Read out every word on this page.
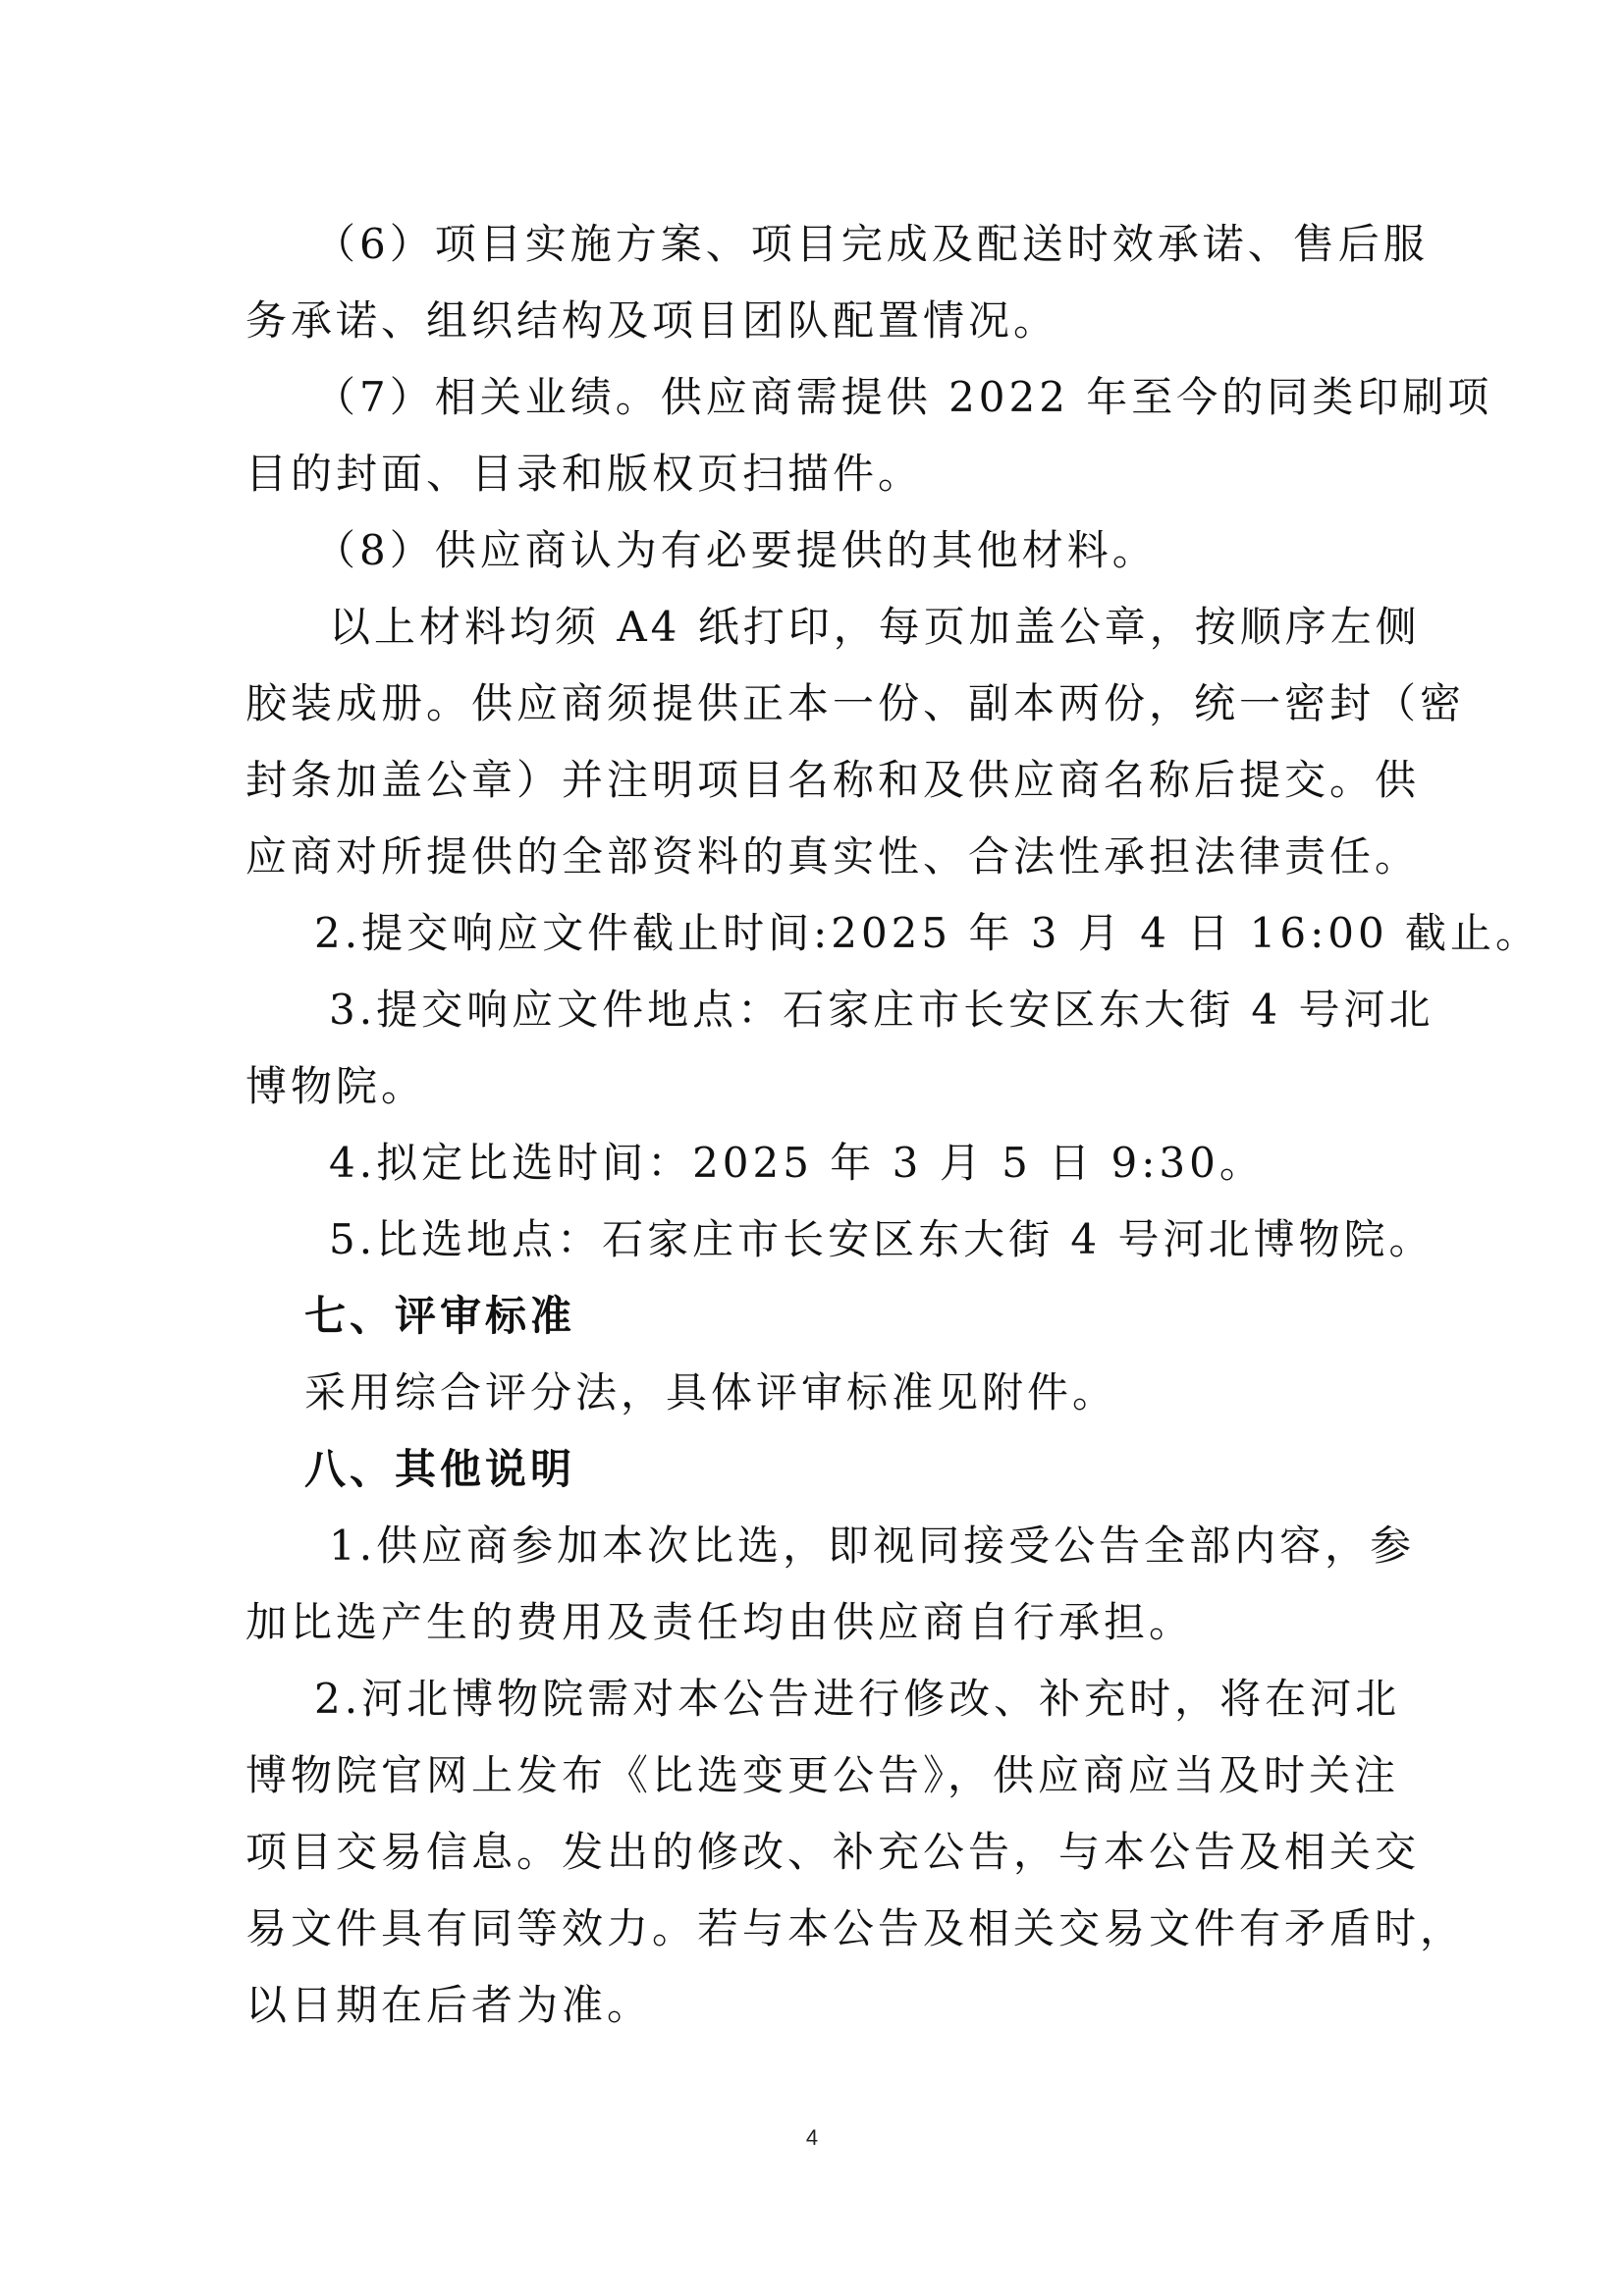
（6）项目实施方案、项目完成及配送时效承诺、售后服
务承诺、组织结构及项目团队配置情况。
（7）相关业绩。供应商需提供 2022 年至今的同类印刷项
目的封面、目录和版权页扫描件。
（8）供应商认为有必要提供的其他材料。
以上材料均须 A4 纸打印，每页加盖公章，按顺序左侧
胶装成册。供应商须提供正本一份、副本两份，统一密封（密
封条加盖公章）并注明项目名称和及供应商名称后提交。供
应商对所提供的全部资料的真实性、合法性承担法律责任。
2.提交响应文件截止时间:2025 年 3 月 4 日 16:00 截止。
3.提交响应文件地点：石家庄市长安区东大街 4 号河北
博物院。
4.拟定比选时间：2025 年 3 月 5 日 9:30。
5.比选地点：石家庄市长安区东大街 4 号河北博物院。
七、评审标准
采用综合评分法，具体评审标准见附件。
八、其他说明
1.供应商参加本次比选，即视同接受公告全部内容，参
加比选产生的费用及责任均由供应商自行承担。
2.河北博物院需对本公告进行修改、补充时，将在河北
博物院官网上发布《比选变更公告》，供应商应当及时关注
项目交易信息。发出的修改、补充公告，与本公告及相关交
易文件具有同等效力。若与本公告及相关交易文件有矛盾时，
以日期在后者为准。
4
